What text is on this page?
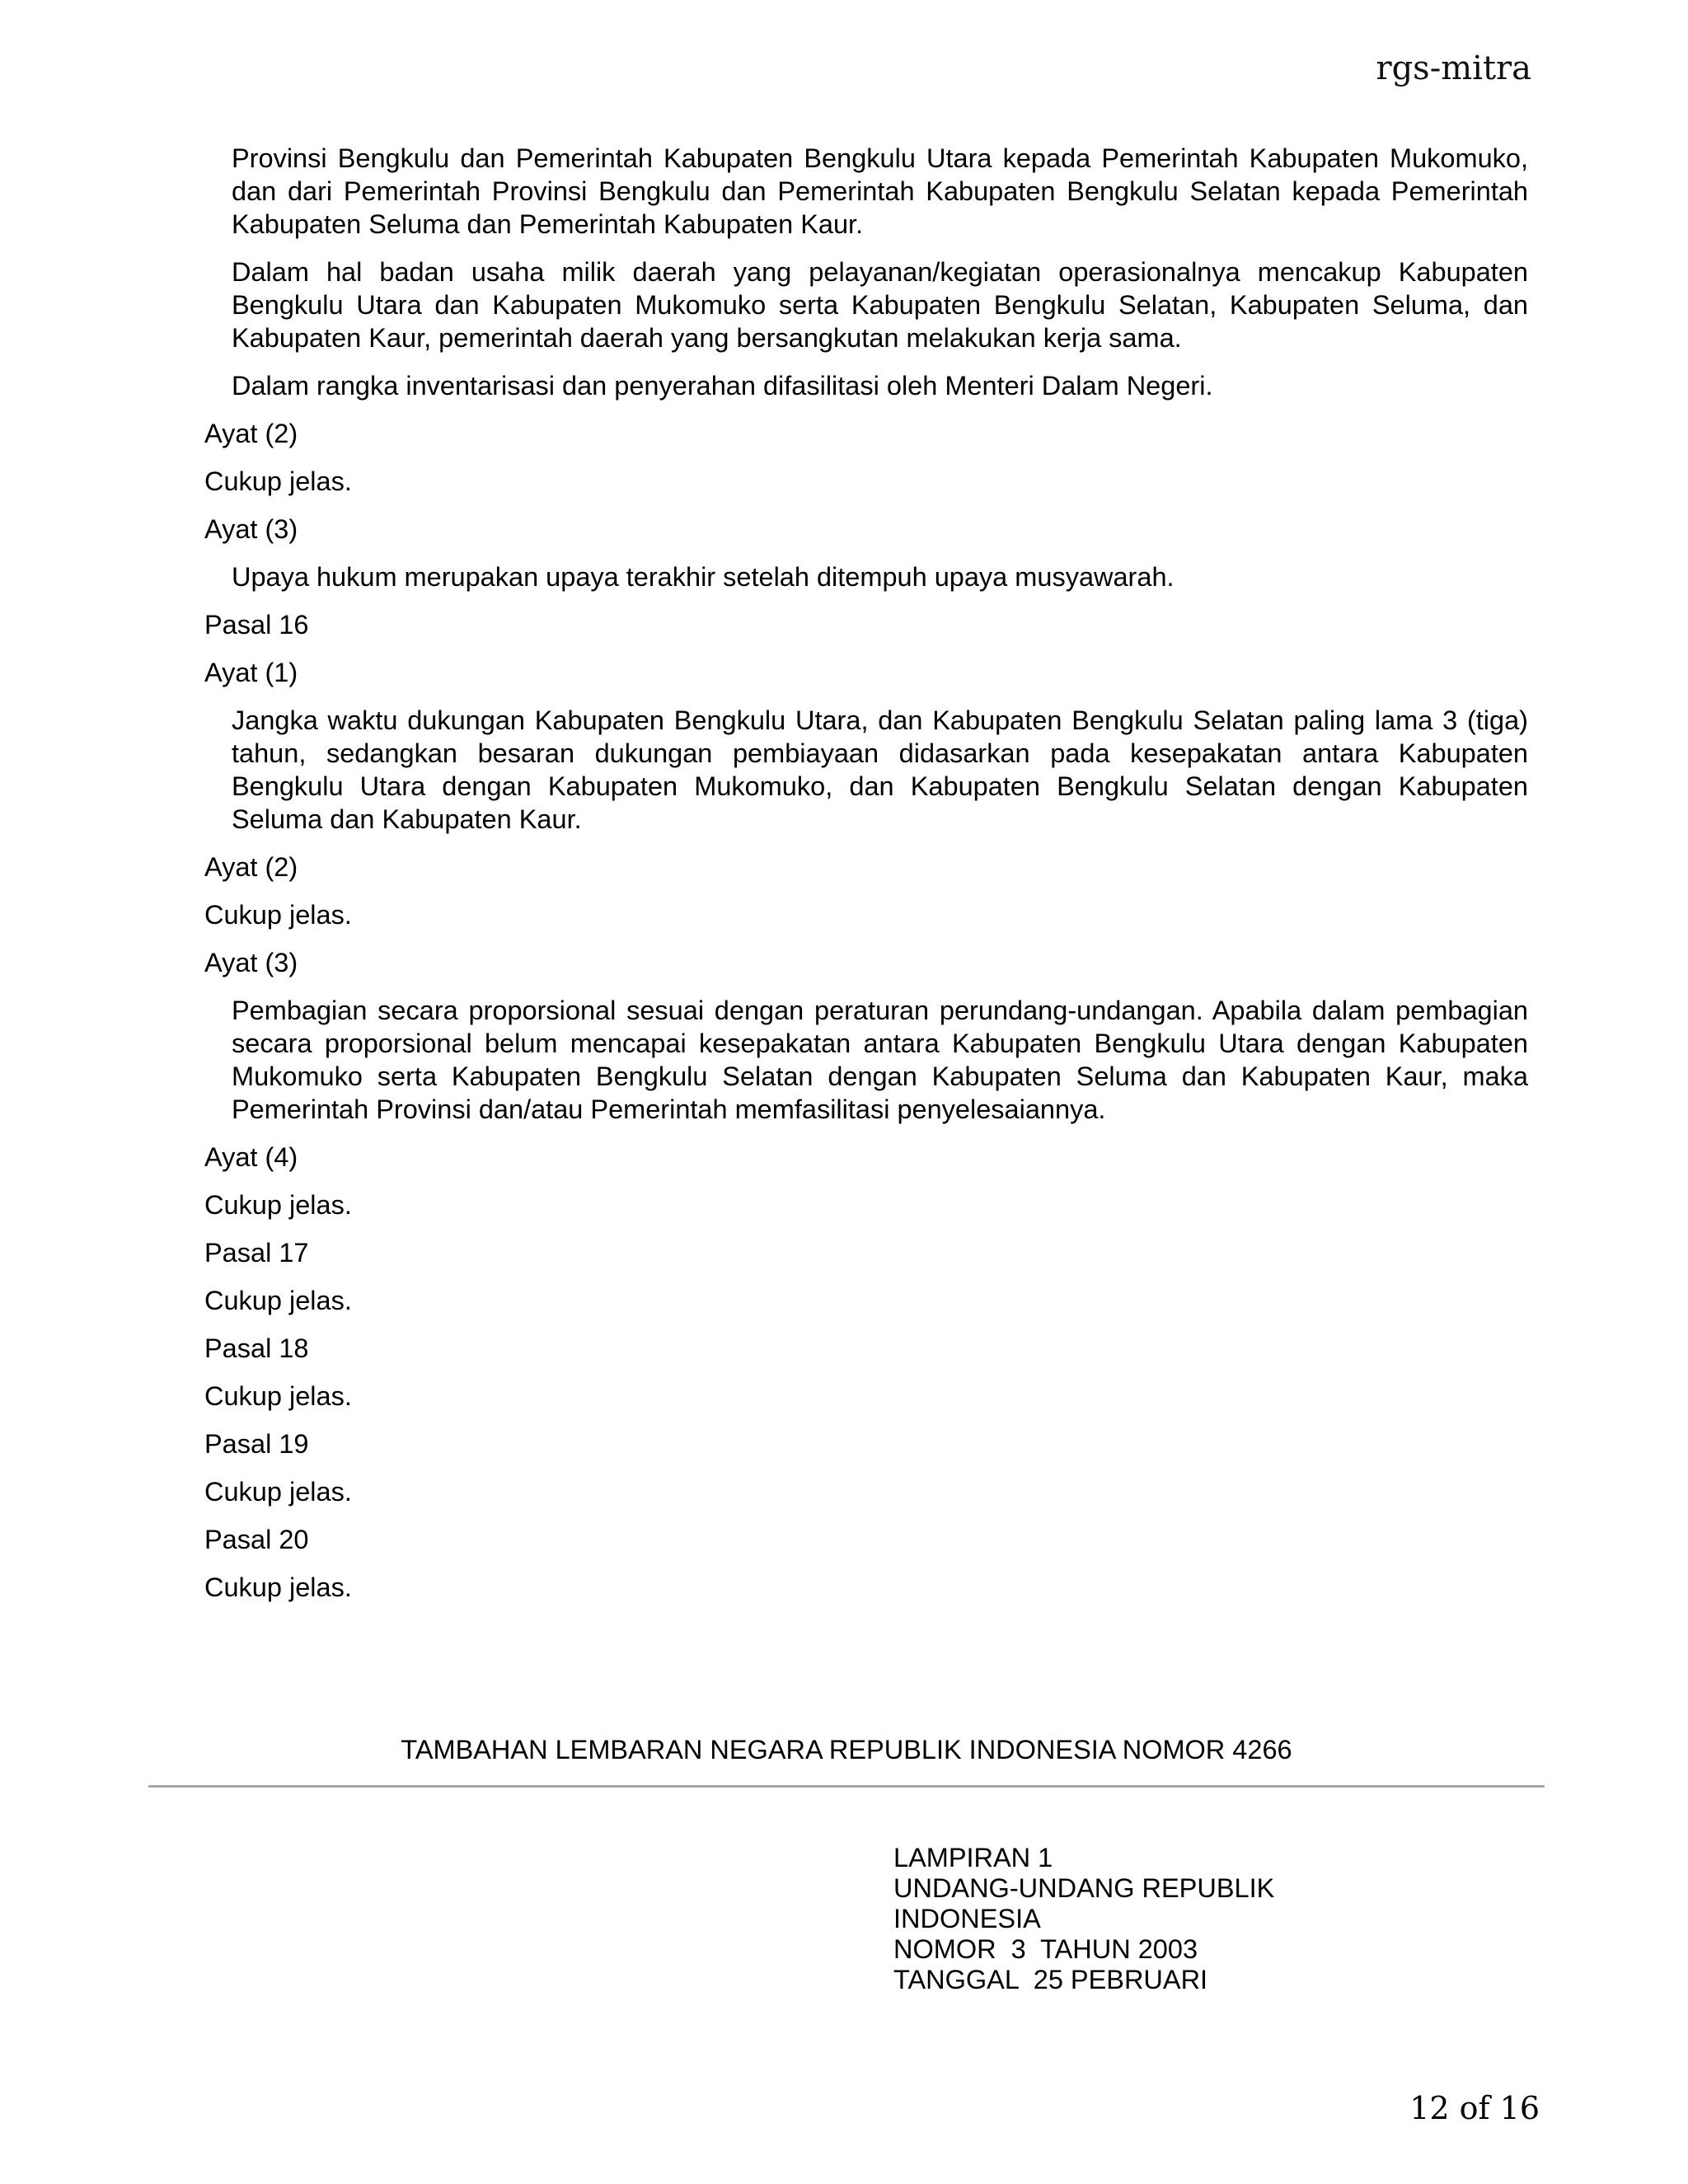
rgs-mitra

Provinsi Bengkulu dan Pemerintah Kabupaten Bengkulu Utara kepada Pemerintah Kabupaten Mukomuko, dan dari Pemerintah Provinsi Bengkulu dan Pemerintah Kabupaten Bengkulu Selatan kepada Pemerintah Kabupaten Seluma dan Pemerintah Kabupaten Kaur.

Dalam hal badan usaha milik daerah yang pelayanan/kegiatan operasionalnya mencakup Kabupaten Bengkulu Utara dan Kabupaten Mukomuko serta Kabupaten Bengkulu Selatan, Kabupaten Seluma, dan Kabupaten Kaur, pemerintah daerah yang bersangkutan melakukan kerja sama.

Dalam rangka inventarisasi dan penyerahan difasilitasi oleh Menteri Dalam Negeri.

Ayat (2)

Cukup jelas.

Ayat (3)

Upaya hukum merupakan upaya terakhir setelah ditempuh upaya musyawarah.

Pasal 16

Ayat (1)

Jangka waktu dukungan Kabupaten Bengkulu Utara, dan Kabupaten Bengkulu Selatan paling lama 3 (tiga) tahun, sedangkan besaran dukungan pembiayaan didasarkan pada kesepakatan antara Kabupaten Bengkulu Utara dengan Kabupaten Mukomuko, dan Kabupaten Bengkulu Selatan dengan Kabupaten Seluma dan Kabupaten Kaur.

Ayat (2)

Cukup jelas.

Ayat (3)

Pembagian secara proporsional sesuai dengan peraturan perundang-undangan. Apabila dalam pembagian secara proporsional belum mencapai kesepakatan antara Kabupaten Bengkulu Utara dengan Kabupaten Mukomuko serta Kabupaten Bengkulu Selatan dengan Kabupaten Seluma dan Kabupaten Kaur, maka Pemerintah Provinsi dan/atau Pemerintah memfasilitasi penyelesaiannya.

Ayat (4)

Cukup jelas.

Pasal 17

Cukup jelas.

Pasal 18

Cukup jelas.

Pasal 19

Cukup jelas.

Pasal 20

Cukup jelas.

TAMBAHAN LEMBARAN NEGARA REPUBLIK INDONESIA NOMOR 4266
LAMPIRAN 1
UNDANG-UNDANG REPUBLIK
INDONESIA
NOMOR  3  TAHUN 2003
TANGGAL  25 PEBRUARI
12 of 16
